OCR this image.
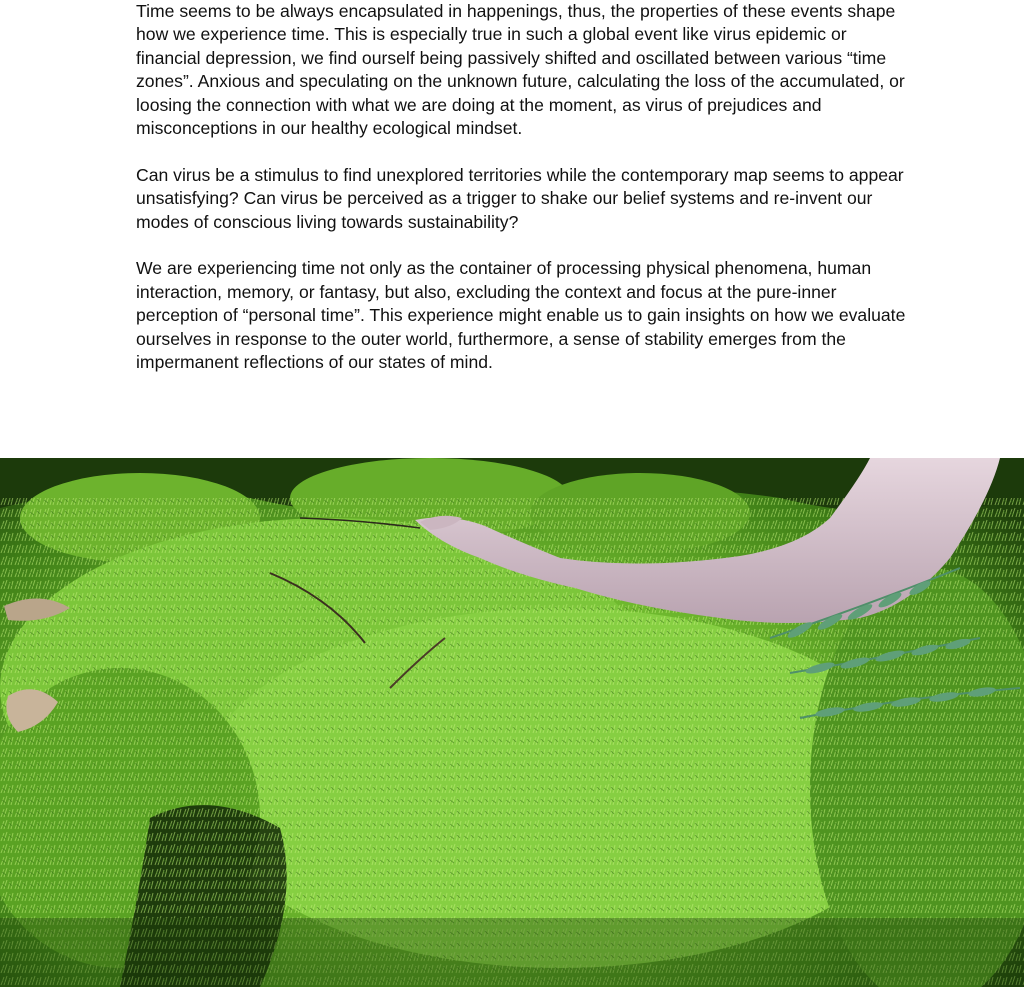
Time seems to be always encapsulated in happenings, thus, the properties of these events shape how we experience time. This is especially true in such a global event like virus epidemic or financial depression, we find ourself being passively shifted and oscillated between various “time zones”. Anxious and speculating on the unknown future, calculating the loss of the accumulated, or loosing the connection with what we are doing at the moment, as virus of prejudices and misconceptions in our healthy ecological mindset.

Can virus be a stimulus to find unexplored territories while the contemporary map seems to appear unsatisfying? Can virus be perceived as a trigger to shake our belief systems and re-invent our modes of conscious living towards sustainability?

We are experiencing time not only as the container of processing physical phenomena, human interaction, memory, or fantasy, but also, excluding the context and focus at the pure-inner perception of “personal time”. This experience might enable us to gain insights on how we evaluate ourselves in response to the outer world, furthermore, a sense of stability emerges from the impermanent reflections of our states of mind.
